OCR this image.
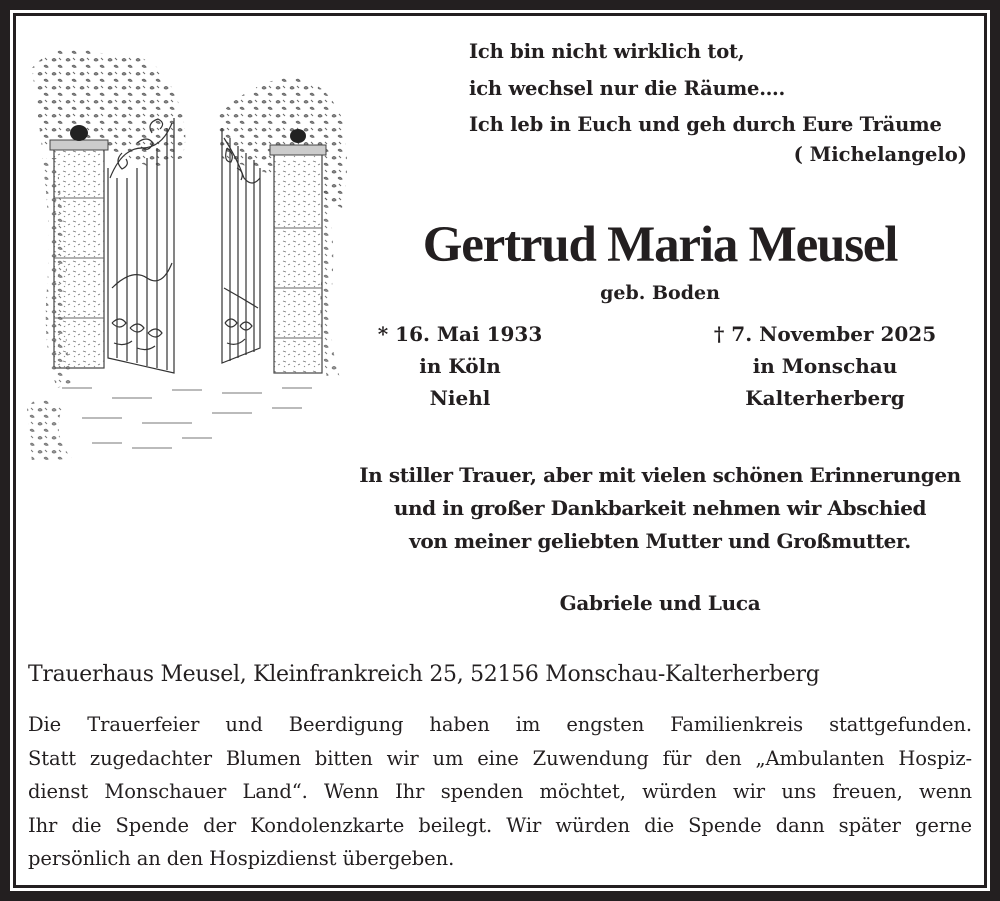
Ich bin nicht wirklich tot,
ich wechsel nur die Räume….
Ich leb in Euch und geh durch Eure Träume
( Michelangelo)
Gertrud Maria Meusel
geb. Boden
* 16. Mai 1933
in Köln
Niehl
† 7. November 2025
in Monschau
Kalterherberg
In stiller Trauer, aber mit vielen schönen Erinnerungen
und in großer Dankbarkeit nehmen wir Abschied
von meiner geliebten Mutter und Großmutter.
Gabriele und Luca
Trauerhaus Meusel, Kleinfrankreich 25, 52156 Monschau-Kalterherberg
Die Trauerfeier und Beerdigung haben im engsten Familienkreis stattgefunden.
Statt zugedachter Blumen bitten wir um eine Zuwendung für den „Ambulanten Hospiz-
dienst Monschauer Land“. Wenn Ihr spenden möchtet, würden wir uns freuen, wenn
Ihr die Spende der Kondolenzkarte beilegt. Wir würden die Spende dann später gerne
persönlich an den Hospizdienst übergeben.
